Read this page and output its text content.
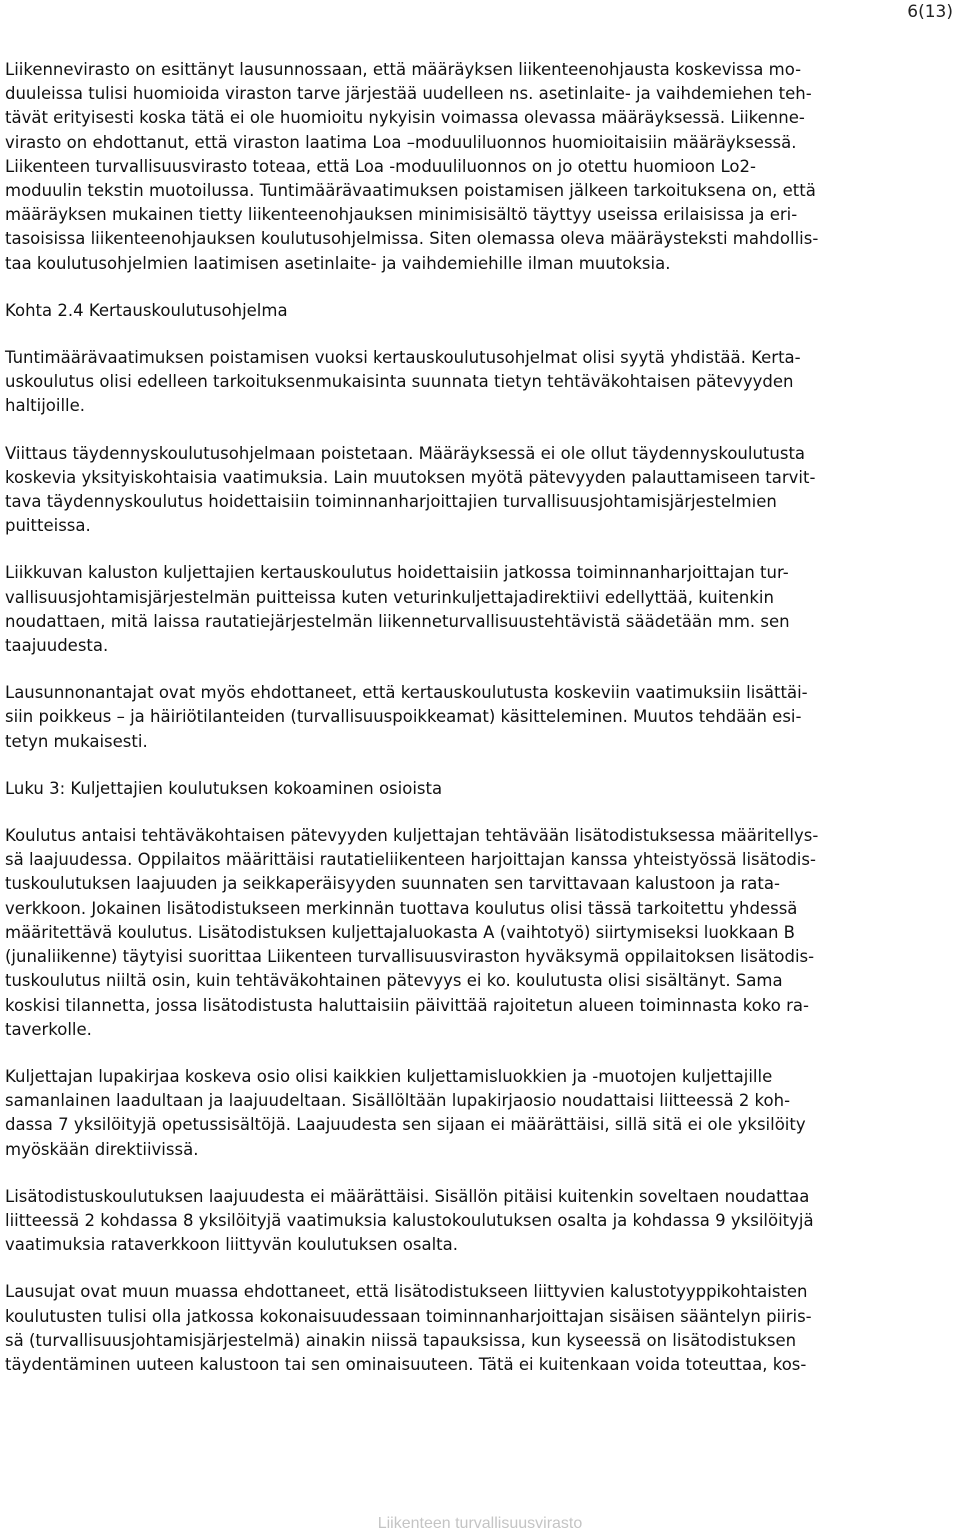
6(13)

Liikennevirasto on esittänyt lausunnossaan, että määräyksen liikenteenohjausta koskevissa mo-
duuleissa tulisi huomioida viraston tarve järjestää uudelleen ns. asetinlaite- ja vaihdemiehen teh-
tävät erityisesti koska tätä ei ole huomioitu nykyisin voimassa olevassa määräyksessä. Liikenne-
virasto on ehdottanut, että viraston laatima Loa –moduuliluonnos huomioitaisiin määräyksessä.
Liikenteen turvallisuusvirasto toteaa, että Loa -moduuliluonnos on jo otettu huomioon Lo2-
moduulin tekstin muotoilussa. Tuntimäärävaatimuksen poistamisen jälkeen tarkoituksena on, että
määräyksen mukainen tietty liikenteenohjauksen minimisisältö täyttyy useissa erilaisissa ja eri-
tasoisissa liikenteenohjauksen koulutusohjelmissa. Siten olemassa oleva määräysteksti mahdollis-
taa koulutusohjelmien laatimisen asetinlaite- ja vaihdemiehille ilman muutoksia.

Kohta 2.4 Kertauskoulutusohjelma

Tuntimäärävaatimuksen poistamisen vuoksi kertauskoulutusohjelmat olisi syytä yhdistää. Kerta-
uskoulutus olisi edelleen tarkoituksenmukaisinta suunnata tietyn tehtäväkohtaisen pätevyyden
haltijoille.

Viittaus täydennyskoulutusohjelmaan poistetaan. Määräyksessä ei ole ollut täydennyskoulutusta
koskevia yksityiskohtaisia vaatimuksia. Lain muutoksen myötä pätevyyden palauttamiseen tarvit-
tava täydennyskoulutus hoidettaisiin toiminnanharjoittajien turvallisuusjohtamisjärjestelmien
puitteissa.

Liikkuvan kaluston kuljettajien kertauskoulutus hoidettaisiin jatkossa toiminnanharjoittajan tur-
vallisuusjohtamisjärjestelmän puitteissa kuten veturinkuljettajadirektiivi edellyttää, kuitenkin
noudattaen, mitä laissa rautatiejärjestelmän liikenneturvallisuustehtävistä säädetään mm. sen
taajuudesta.

Lausunnonantajat ovat myös ehdottaneet, että kertauskoulutusta koskeviin vaatimuksiin lisättäi-
siin poikkeus – ja häiriötilanteiden (turvallisuuspoikkeamat) käsitteleminen. Muutos tehdään esi-
tetyn mukaisesti.

Luku 3: Kuljettajien koulutuksen kokoaminen osioista

Koulutus antaisi tehtäväkohtaisen pätevyyden kuljettajan tehtävään lisätodistuksessa määritellys-
sä laajuudessa. Oppilaitos määrittäisi rautatieliikenteen harjoittajan kanssa yhteistyössä lisätodis-
tuskoulutuksen laajuuden ja seikkaperäisyyden suunnaten sen tarvittavaan kalustoon ja rata-
verkkoon. Jokainen lisätodistukseen merkinnän tuottava koulutus olisi tässä tarkoitettu yhdessä
määritettävä koulutus. Lisätodistuksen kuljettajaluokasta A (vaihtotyö) siirtymiseksi luokkaan B
(junaliikenne) täytyisi suorittaa Liikenteen turvallisuusviraston hyväksymä oppilaitoksen lisätodis-
tuskoulutus niiltä osin, kuin tehtäväkohtainen pätevyys ei ko. koulutusta olisi sisältänyt. Sama
koskisi tilannetta, jossa lisätodistusta haluttaisiin päivittää rajoitetun alueen toiminnasta koko ra-
taverkolle.

Kuljettajan lupakirjaa koskeva osio olisi kaikkien kuljettamisluokkien ja -muotojen kuljettajille
samanlainen laadultaan ja laajuudeltaan. Sisällöltään lupakirjaosio noudattaisi liitteessä 2 koh-
dassa 7 yksilöityjä opetussisältöjä. Laajuudesta sen sijaan ei määrättäisi, sillä sitä ei ole yksilöity
myöskään direktiivissä.

Lisätodistuskoulutuksen laajuudesta ei määrättäisi. Sisällön pitäisi kuitenkin soveltaen noudattaa
liitteessä 2 kohdassa 8 yksilöityjä vaatimuksia kalustokoulutuksen osalta ja kohdassa 9 yksilöityjä
vaatimuksia rataverkkoon liittyvän koulutuksen osalta.

Lausujat ovat muun muassa ehdottaneet, että lisätodistukseen liittyvien kalustotyyppikohtaisten
koulutusten tulisi olla jatkossa kokonaisuudessaan toiminnanharjoittajan sisäisen sääntelyn piiris-
sä (turvallisuusjohtamisjärjestelmä) ainakin niissä tapauksissa, kun kyseessä on lisätodistuksen
täydentäminen uuteen kalustoon tai sen ominaisuuteen. Tätä ei kuitenkaan voida toteuttaa, kos-

Liikenteen turvallisuusvirasto
